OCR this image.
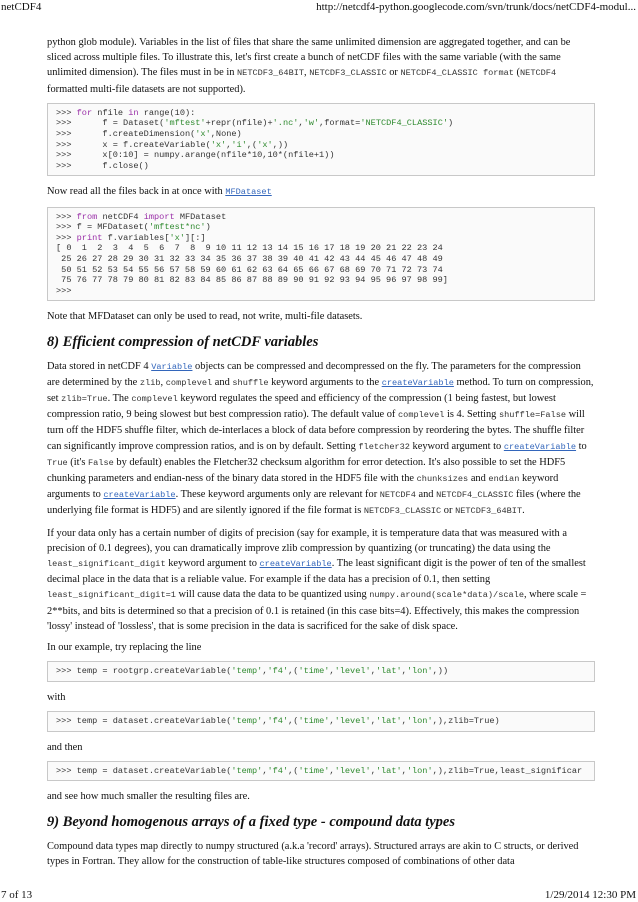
netCDF4	http://netcdf4-python.googlecode.com/svn/trunk/docs/netCDF4-modul...

python glob module). Variables in the list of files that share the same unlimited dimension are aggregated together, and can be sliced across multiple files. To illustrate this, let's first create a bunch of netCDF files with the same variable (with the same unlimited dimension). The files must in be in NETCDF3_64BIT, NETCDF3_CLASSIC or NETCDF4_CLASSIC format (NETCDF4 formatted multi-file datasets are not supported).

>>> for nfile in range(10):
>>>      f = Dataset('mftest'+repr(nfile)+'.nc','w',format='NETCDF4_CLASSIC')
>>>      f.createDimension('x',None)
>>>      x = f.createVariable('x','i',('x',))
>>>      x[0:10] = numpy.arange(nfile*10,10*(nfile+1))
>>>      f.close()

Now read all the files back in at once with MFDataset

>>> from netCDF4 import MFDataset
>>> f = MFDataset('mftest*nc')
>>> print f.variables['x'][:]
[ 0  1  2  3  4  5  6  7  8  9 10 11 12 13 14 15 16 17 18 19 20 21 22 23 24
25 26 27 28 29 30 31 32 33 34 35 36 37 38 39 40 41 42 43 44 45 46 47 48 49
50 51 52 53 54 55 56 57 58 59 60 61 62 63 64 65 66 67 68 69 70 71 72 73 74
75 76 77 78 79 80 81 82 83 84 85 86 87 88 89 90 91 92 93 94 95 96 97 98 99]
>>>

Note that MFDataset can only be used to read, not write, multi-file datasets.

8) Efficient compression of netCDF variables

Data stored in netCDF 4 Variable objects can be compressed and decompressed on the fly. The parameters for the compression are determined by the zlib, complevel and shuffle keyword arguments to the createVariable method. To turn on compression, set zlib=True. The complevel keyword regulates the speed and efficiency of the compression (1 being fastest, but lowest compression ratio, 9 being slowest but best compression ratio). The default value of complevel is 4. Setting shuffle=False will turn off the HDF5 shuffle filter, which de-interlaces a block of data before compression by reordering the bytes. The shuffle filter can significantly improve compression ratios, and is on by default. Setting fletcher32 keyword argument to createVariable to True (it's False by default) enables the Fletcher32 checksum algorithm for error detection. It's also possible to set the HDF5 chunking parameters and endian-ness of the binary data stored in the HDF5 file with the chunksizes and endian keyword arguments to createVariable. These keyword arguments only are relevant for NETCDF4 and NETCDF4_CLASSIC files (where the underlying file format is HDF5) and are silently ignored if the file format is NETCDF3_CLASSIC or NETCDF3_64BIT.

If your data only has a certain number of digits of precision (say for example, it is temperature data that was measured with a precision of 0.1 degrees), you can dramatically improve zlib compression by quantizing (or truncating) the data using the least_significant_digit keyword argument to createVariable. The least significant digit is the power of ten of the smallest decimal place in the data that is a reliable value. For example if the data has a precision of 0.1, then setting least_significant_digit=1 will cause data the data to be quantized using numpy.around(scale*data)/scale, where scale = 2**bits, and bits is determined so that a precision of 0.1 is retained (in this case bits=4). Effectively, this makes the compression 'lossy' instead of 'lossless', that is some precision in the data is sacrificed for the sake of disk space.

In our example, try replacing the line

>>> temp = rootgrp.createVariable('temp','f4',('time','level','lat','lon',))

with

>>> temp = dataset.createVariable('temp','f4',('time','level','lat','lon',),zlib=True)

and then

>>> temp = dataset.createVariable('temp','f4',('time','level','lat','lon',),zlib=True,least_significar

and see how much smaller the resulting files are.

9) Beyond homogenous arrays of a fixed type - compound data types

Compound data types map directly to numpy structured (a.k.a 'record' arrays). Structured arrays are akin to C structs, or derived types in Fortran. They allow for the construction of table-like structures composed of combinations of other data

7 of 13	1/29/2014 12:30 PM
